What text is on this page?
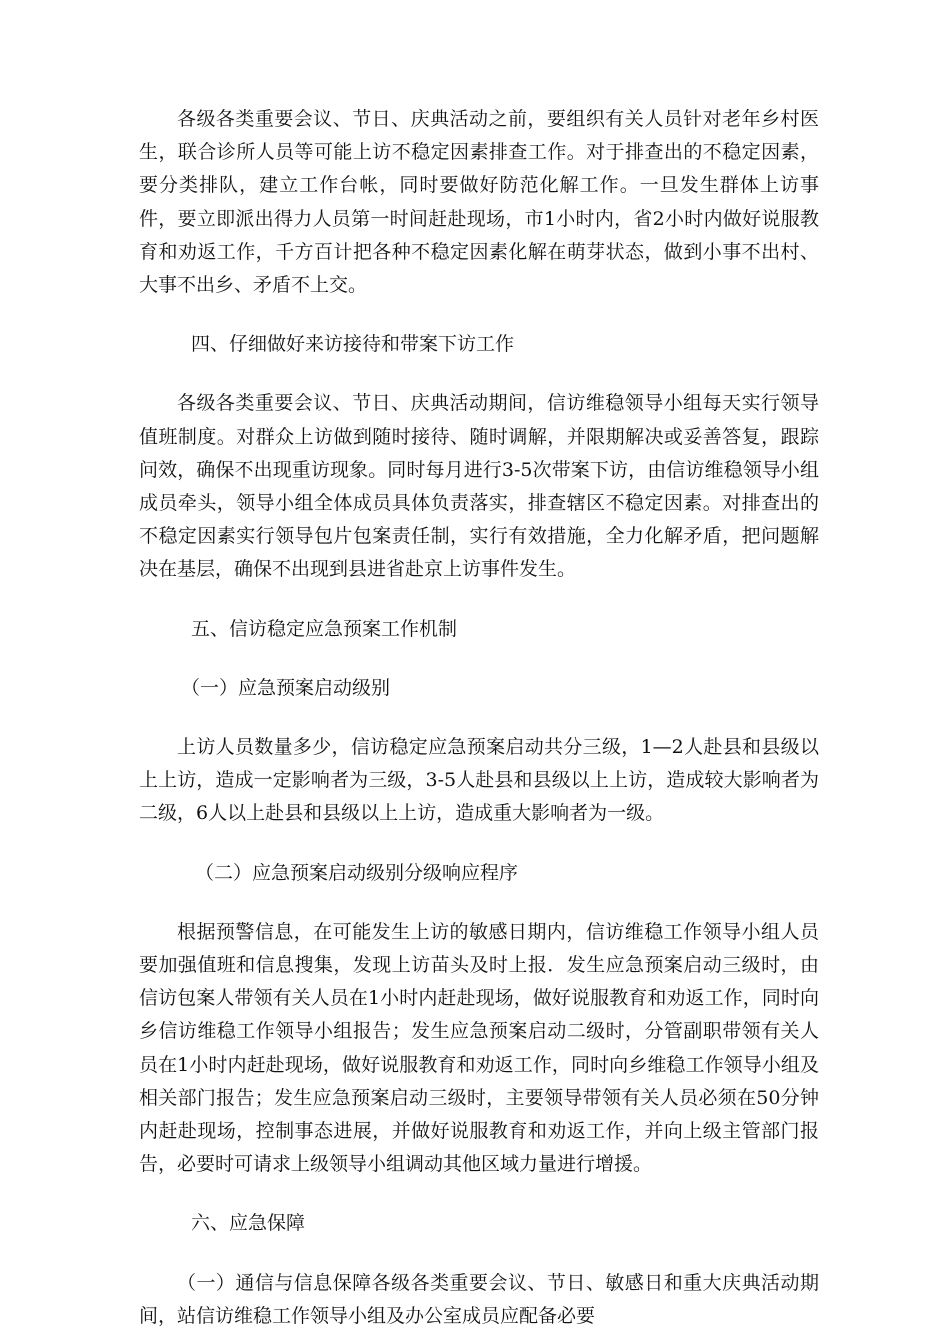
各级各类重要会议、节日、庆典活动之前，要组织有关人员针对老年乡村医生，联合诊所人员等可能上访不稳定因素排查工作。对于排查出的不稳定因素，要分类排队，建立工作台帐，同时要做好防范化解工作。一旦发生群体上访事件，要立即派出得力人员第一时间赶赴现场，市1小时内，省2小时内做好说服教育和劝返工作，千方百计把各种不稳定因素化解在萌芽状态，做到小事不出村、大事不出乡、矛盾不上交。

四、仔细做好来访接待和带案下访工作

各级各类重要会议、节日、庆典活动期间，信访维稳领导小组每天实行领导值班制度。对群众上访做到随时接待、随时调解，并限期解决或妥善答复，跟踪问效，确保不出现重访现象。同时每月进行3-5次带案下访，由信访维稳领导小组成员牵头，领导小组全体成员具体负责落实，排查辖区不稳定因素。对排查出的不稳定因素实行领导包片包案责任制，实行有效措施，全力化解矛盾，把问题解决在基层，确保不出现到县进省赴京上访事件发生。

五、信访稳定应急预案工作机制

（一）应急预案启动级别

上访人员数量多少，信访稳定应急预案启动共分三级，1—2人赴县和县级以上上访，造成一定影响者为三级，3-5人赴县和县级以上上访，造成较大影响者为二级，6人以上赴县和县级以上上访，造成重大影响者为一级。

（二）应急预案启动级别分级响应程序

根据预警信息，在可能发生上访的敏感日期内，信访维稳工作领导小组人员要加强值班和信息搜集，发现上访苗头及时上报．发生应急预案启动三级时，由信访包案人带领有关人员在1小时内赶赴现场，做好说服教育和劝返工作，同时向乡信访维稳工作领导小组报告；发生应急预案启动二级时，分管副职带领有关人员在1小时内赶赴现场，做好说服教育和劝返工作，同时向乡维稳工作领导小组及相关部门报告；发生应急预案启动三级时，主要领导带领有关人员必须在50分钟内赶赴现场，控制事态进展，并做好说服教育和劝返工作，并向上级主管部门报告，必要时可请求上级领导小组调动其他区域力量进行增援。

六、应急保障

（一）通信与信息保障各级各类重要会议、节日、敏感日和重大庆典活动期间，站信访维稳工作领导小组及办公室成员应配备必要
